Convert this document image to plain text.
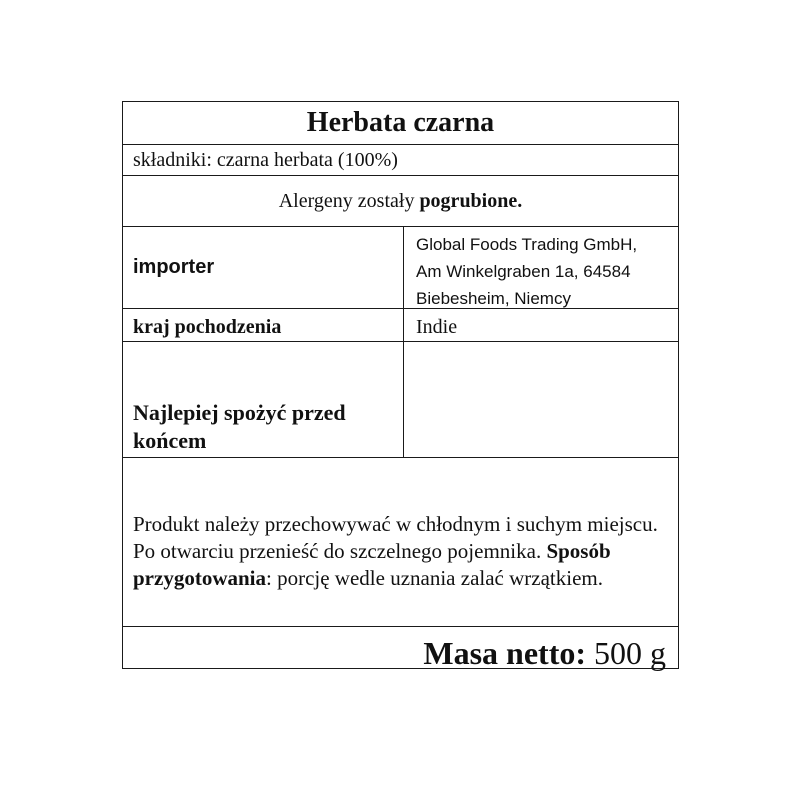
Herbata czarna
składniki: czarna herbata (100%)
Alergeny zostały pogrubione.
importer
Global Foods Trading GmbH,
Am Winkelgraben 1a, 64584
Biebesheim, Niemcy
kraj pochodzenia	Indie
Najlepiej spożyć przed
końcem
Produkt należy przechowywać w chłodnym i suchym miejscu. Po otwarciu przenieść do szczelnego pojemnika. Sposób przygotowania: porcję wedle uznania zalać wrzątkiem.
Masa netto: 500 g
